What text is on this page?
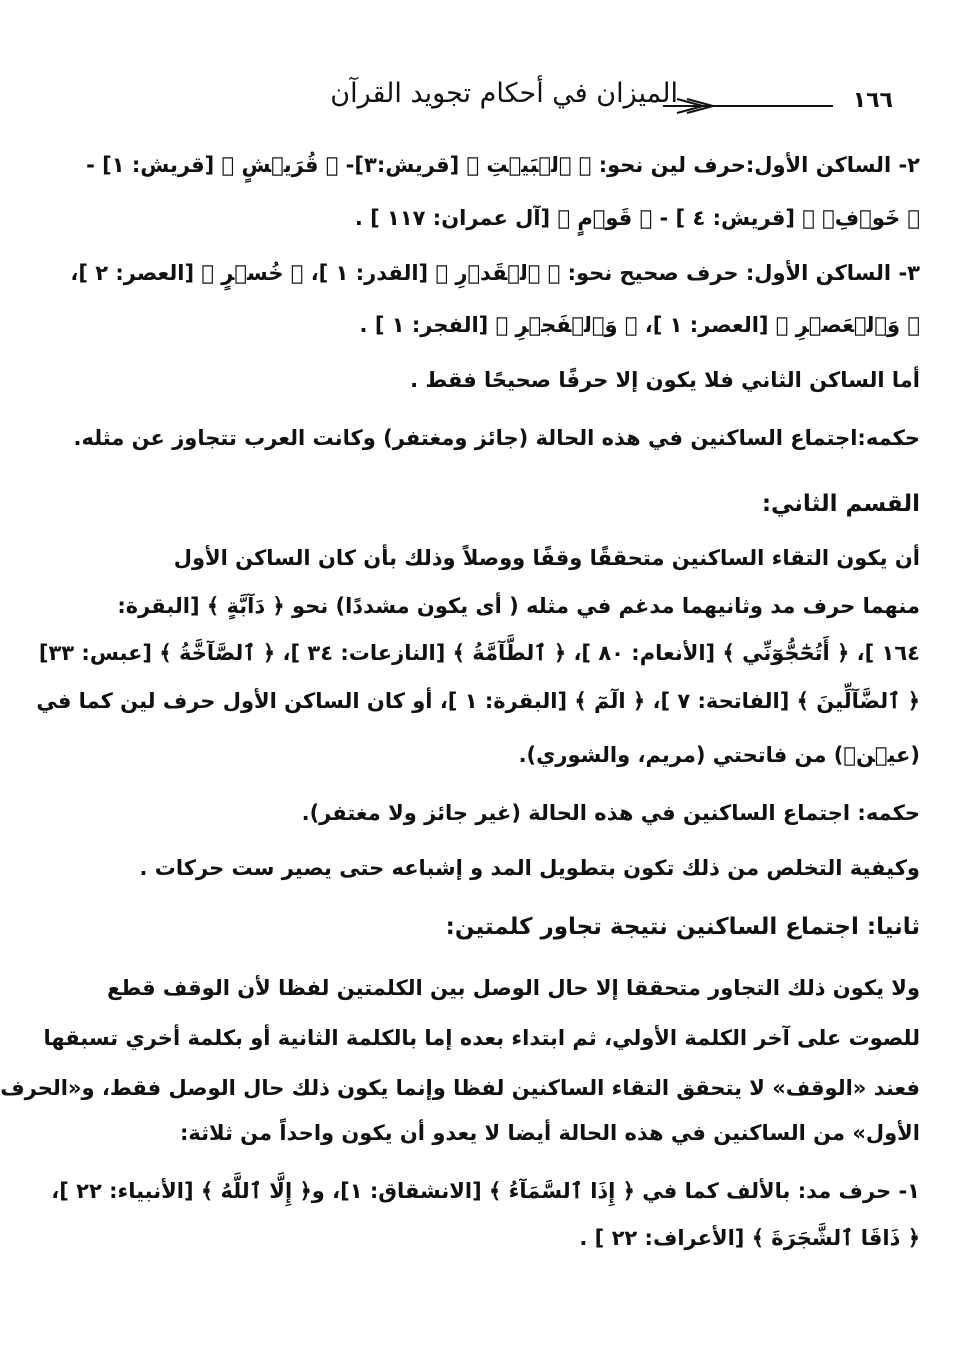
١٦٦
الميزان في أحكام تجويد القرآن
٢- الساكن الأول:حرف لين نحو: ﴿ ٱلۡبَيۡتِ ﴾ [قريش:٣]- ﴿ قُرَيۡشٍ ﴾ [قريش: ١] -
﴿ خَوۡفِۭ ﴾ [قريش: ٤ ] - ﴿ قَوۡمٍ ﴾ [آل عمران: ١١٧ ] .
٣- الساكن الأول: حرف صحيح نحو: ﴿ ٱلۡقَدۡرِ ﴾ [القدر: ١ ]، ﴿ خُسۡرٍ ﴾ [العصر: ٢ ]،
﴿ وَٱلۡعَصۡرِ ﴾ [العصر: ١ ]، ﴿ وَٱلۡفَجۡرِ ﴾ [الفجر: ١ ] .
أما الساكن الثاني فلا يكون إلا حرفًا صحيحًا فقط .
حكمه:اجتماع الساكنين في هذه الحالة (جائز ومغتفر) وكانت العرب تتجاوز عن مثله.
القسم الثاني:
أن يكون التقاء الساكنين متحققًا وقفًا ووصلاً وذلك بأن كان الساكن الأول
منهما حرف مد وثانيهما مدغم في مثله ( أى يكون مشددًا) نحو ﴿ دَآبَّةٍ ﴾ [البقرة:
١٦٤ ]، ﴿ أَتُحَٰٓجُّوٓنِّي ﴾ [الأنعام: ٨٠ ]، ﴿ ٱلطَّآمَّةُ ﴾ [النازعات: ٣٤ ]، ﴿ ٱلصَّآخَّةُ ﴾ [عبس: ٣٣]
﴿ ٱلضَّآلِّينَ ﴾ [الفاتحة: ٧ ]، ﴿ الٓمٓ ﴾ [البقرة: ١ ]، أو كان الساكن الأول حرف لين كما في
(عيۡنۡ) من فاتحتي (مريم، والشوري).
حكمه: اجتماع الساكنين في هذه الحالة (غير جائز ولا مغتفر).
وكيفية التخلص من ذلك تكون بتطويل المد و إشباعه حتى يصير ست حركات .
ثانيا: اجتماع الساكنين نتيجة تجاور كلمتين:
ولا يكون ذلك التجاور متحققا إلا حال الوصل بين الكلمتين لفظا لأن الوقف قطع
للصوت على آخر الكلمة الأولي، ثم ابتداء بعده إما بالكلمة الثانية أو بكلمة أخري تسبقها
فعند «الوقف» لا يتحقق التقاء الساكنين لفظا وإنما يكون ذلك حال الوصل فقط، و«الحرف
الأول» من الساكنين في هذه الحالة أيضا لا يعدو أن يكون واحداً من ثلاثة:
١- حرف مد: بالألف كما في ﴿ إِذَا ٱلسَّمَآءُ ﴾ [الانشقاق: ١]، و﴿ إِلَّا ٱللَّهُ ﴾ [الأنبياء: ٢٢ ]،
﴿ ذَاقَا ٱلشَّجَرَةَ ﴾ [الأعراف: ٢٢ ] .
